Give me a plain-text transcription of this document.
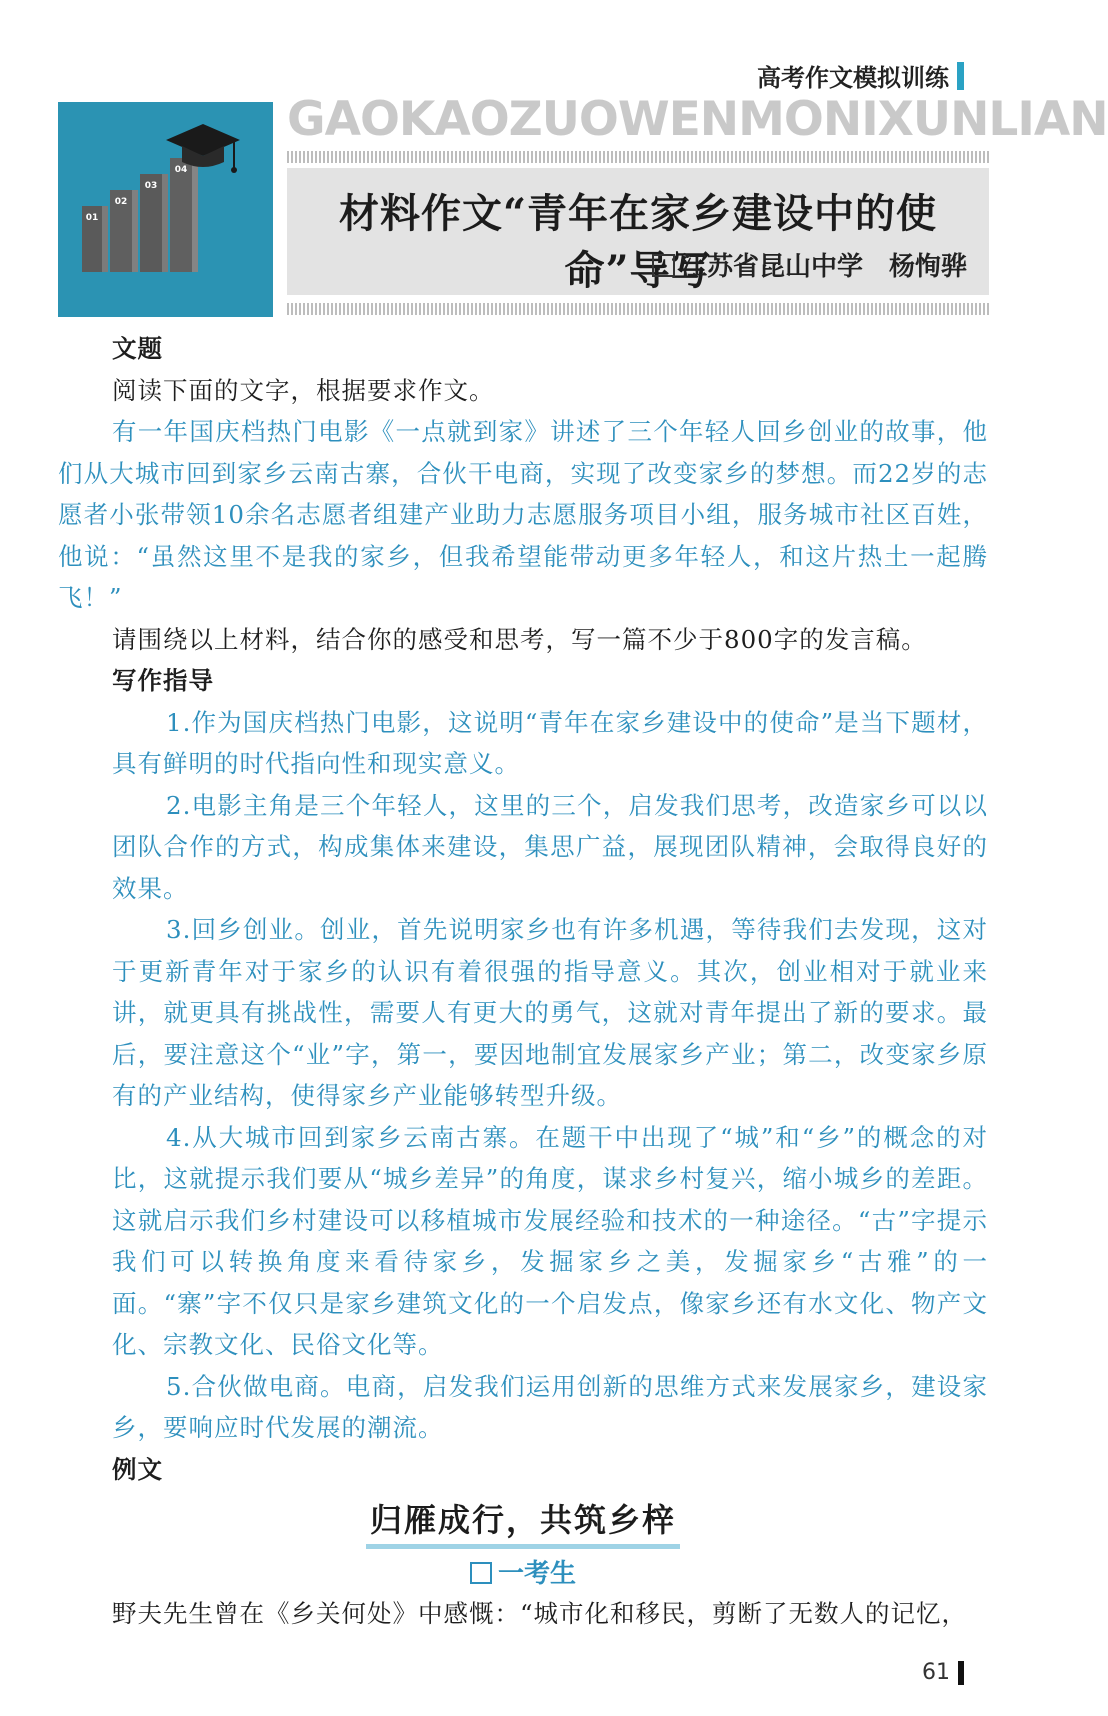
高考作文模拟训练
01
02
03
04
GAOKAOZUOWENMONIXUNLIAN
材料作文“青年在家乡建设中的使命”导写
江苏省昆山中学　杨恂骅

文题

阅读下面的文字，根据要求作文。

有一年国庆档热门电影《一点就到家》讲述了三个年轻人回乡创业的故事，他们从大城市回到家乡云南古寨，合伙干电商，实现了改变家乡的梦想。而22岁的志愿者小张带领10余名志愿者组建产业助力志愿服务项目小组，服务城市社区百姓，他说：“虽然这里不是我的家乡，但我希望能带动更多年轻人，和这片热土一起腾飞！”

请围绕以上材料，结合你的感受和思考，写一篇不少于800字的发言稿。

写作指导

1.作为国庆档热门电影，这说明“青年在家乡建设中的使命”是当下题材，具有鲜明的时代指向性和现实意义。

2.电影主角是三个年轻人，这里的三个，启发我们思考，改造家乡可以以团队合作的方式，构成集体来建设，集思广益，展现团队精神，会取得良好的效果。

3.回乡创业。创业，首先说明家乡也有许多机遇，等待我们去发现，这对于更新青年对于家乡的认识有着很强的指导意义。其次，创业相对于就业来讲，就更具有挑战性，需要人有更大的勇气，这就对青年提出了新的要求。最后，要注意这个“业”字，第一，要因地制宜发展家乡产业；第二，改变家乡原有的产业结构，使得家乡产业能够转型升级。

4.从大城市回到家乡云南古寨。在题干中出现了“城”和“乡”的概念的对比，这就提示我们要从“城乡差异”的角度，谋求乡村复兴，缩小城乡的差距。这就启示我们乡村建设可以移植城市发展经验和技术的一种途径。“古”字提示我们可以转换角度来看待家乡，发掘家乡之美，发掘家乡“古雅”的一面。“寨”字不仅只是家乡建筑文化的一个启发点，像家乡还有水文化、物产文化、宗教文化、民俗文化等。

5.合伙做电商。电商，启发我们运用创新的思维方式来发展家乡，建设家乡，要响应时代发展的潮流。

例文

归雁成行，共筑乡梓
一考生

野夫先生曾在《乡关何处》中感慨：“城市化和移民，剪断了无数人的记忆，

61
